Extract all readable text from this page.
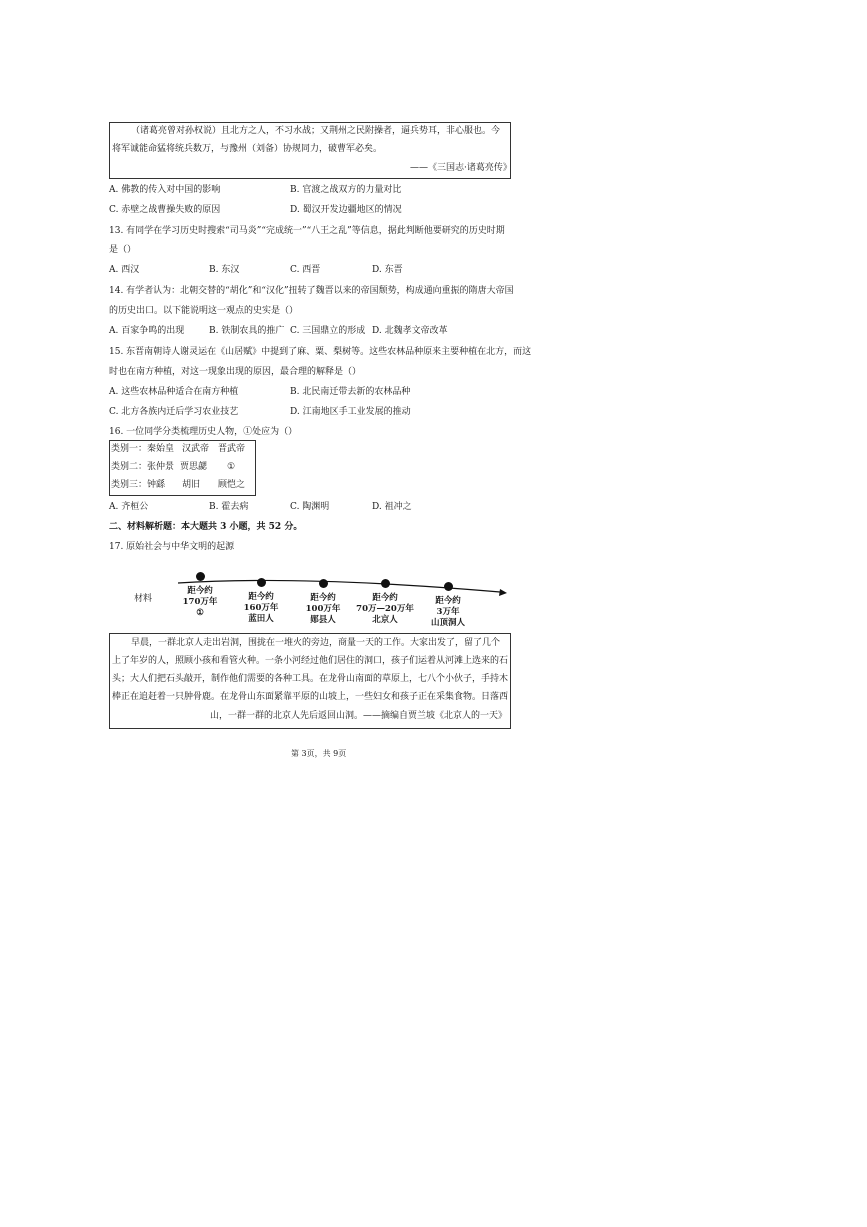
（诸葛亮曾对孙权说）且北方之人，不习水战；又荆州之民附操者，逼兵势耳，非心服也。今
将军诚能命猛将统兵数万，与豫州（刘备）协规同力，破曹军必矣。
——《三国志·诸葛亮传》
A. 佛教的传入对中国的影响	B. 官渡之战双方的力量对比
C. 赤壁之战曹操失败的原因	D. 蜀汉开发边疆地区的情况
13. 有同学在学习历史时搜索“司马炎”“完成统一”“八王之乱”等信息，据此判断他要研究的历史时期
是（）
A. 西汉	B. 东汉	C. 西晋	D. 东晋
14. 有学者认为：北朝交替的“胡化”和“汉化”扭转了魏晋以来的帝国颓势，构成通向重振的隋唐大帝国
的历史出口。以下能说明这一观点的史实是（）
A. 百家争鸣的出现	B. 铁制农具的推广 C. 三国鼎立的形成 D. 北魏孝文帝改革
15. 东晋南朝诗人谢灵运在《山居赋》中提到了麻、粟、梨树等。这些农林品种原来主要种植在北方，而这
时也在南方种植，对这一现象出现的原因，最合理的解释是（）
A. 这些农林品种适合在南方种植	B. 北民南迁带去新的农林品种
C. 北方各族内迁后学习农业技艺	D. 江南地区手工业发展的推动
16. 一位同学分类梳理历史人物，①处应为（）
类别一：秦始皇 汉武帝 晋武帝
类别二：张仲景 贾思勰 ①
类别三：钟繇 胡旧 顾恺之
A. 齐桓公	B. 霍去病	C. 陶渊明	D. 祖冲之
二、材料解析题：本大题共 3 小题，共 52 分。
17. 原始社会与中华文明的起源
材料
距今约
170万年
①
距今约
160万年
蓝田人
距今约
100万年
郧县人
距今约
70万—20万年
北京人
距今约
3万年
山顶洞人
早晨，一群北京人走出岩洞，围拢在一堆火的旁边，商量一天的工作。大家出发了，留了几个
上了年岁的人，照顾小孩和看管火种。一条小河经过他们居住的洞口，孩子们运着从河滩上选来的石
头；大人们把石头敲开，制作他们需要的各种工具。在龙骨山南面的草原上，七八个小伙子，手持木
棒正在追赶着一只肿骨鹿。在龙骨山东面紧靠平原的山坡上，一些妇女和孩子正在采集食物。日落西
山，一群一群的北京人先后返回山洞。——摘编自贾兰坡《北京人的一天》
第 3页，共 9页
